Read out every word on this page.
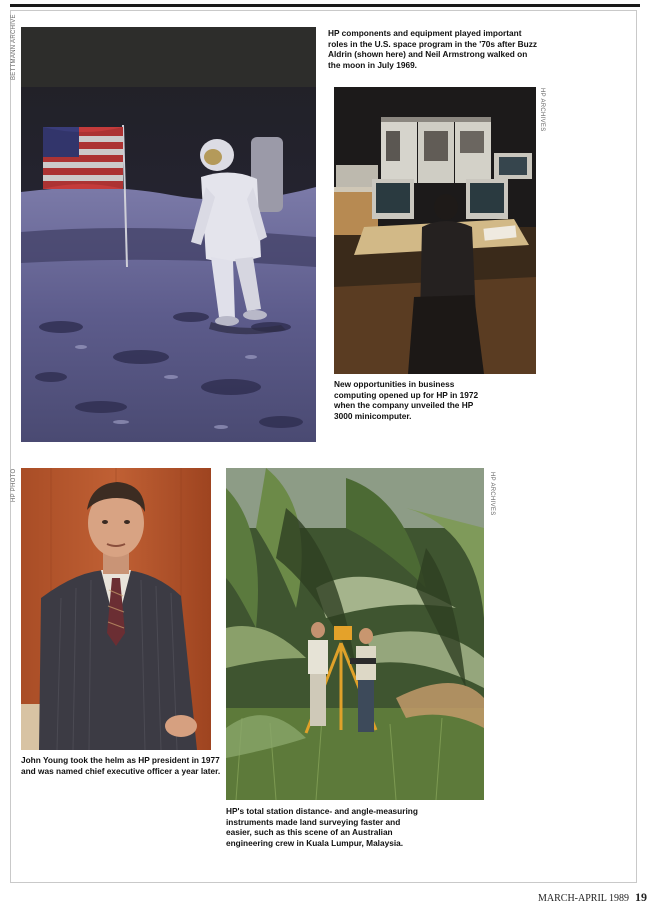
BETTMANN ARCHIVE	HP components and equipment played important roles in the U.S. space program in the '70s after Buzz Aldrin (shown here) and Neil Armstrong walked on the moon in July 1969.
HP ARCHIVES
New opportunities in business computing opened up for HP in 1972 when the company unveiled the HP 3000 minicomputer.
HP PHOTO
John Young took the helm as HP president in 1977 and was named chief executive officer a year later.
HP ARCHIVES
HP's total station distance- and angle-measuring instruments made land surveying faster and easier, such as this scene of an Australian engineering crew in Kuala Lumpur, Malaysia.
MARCH-APRIL 1989 19
